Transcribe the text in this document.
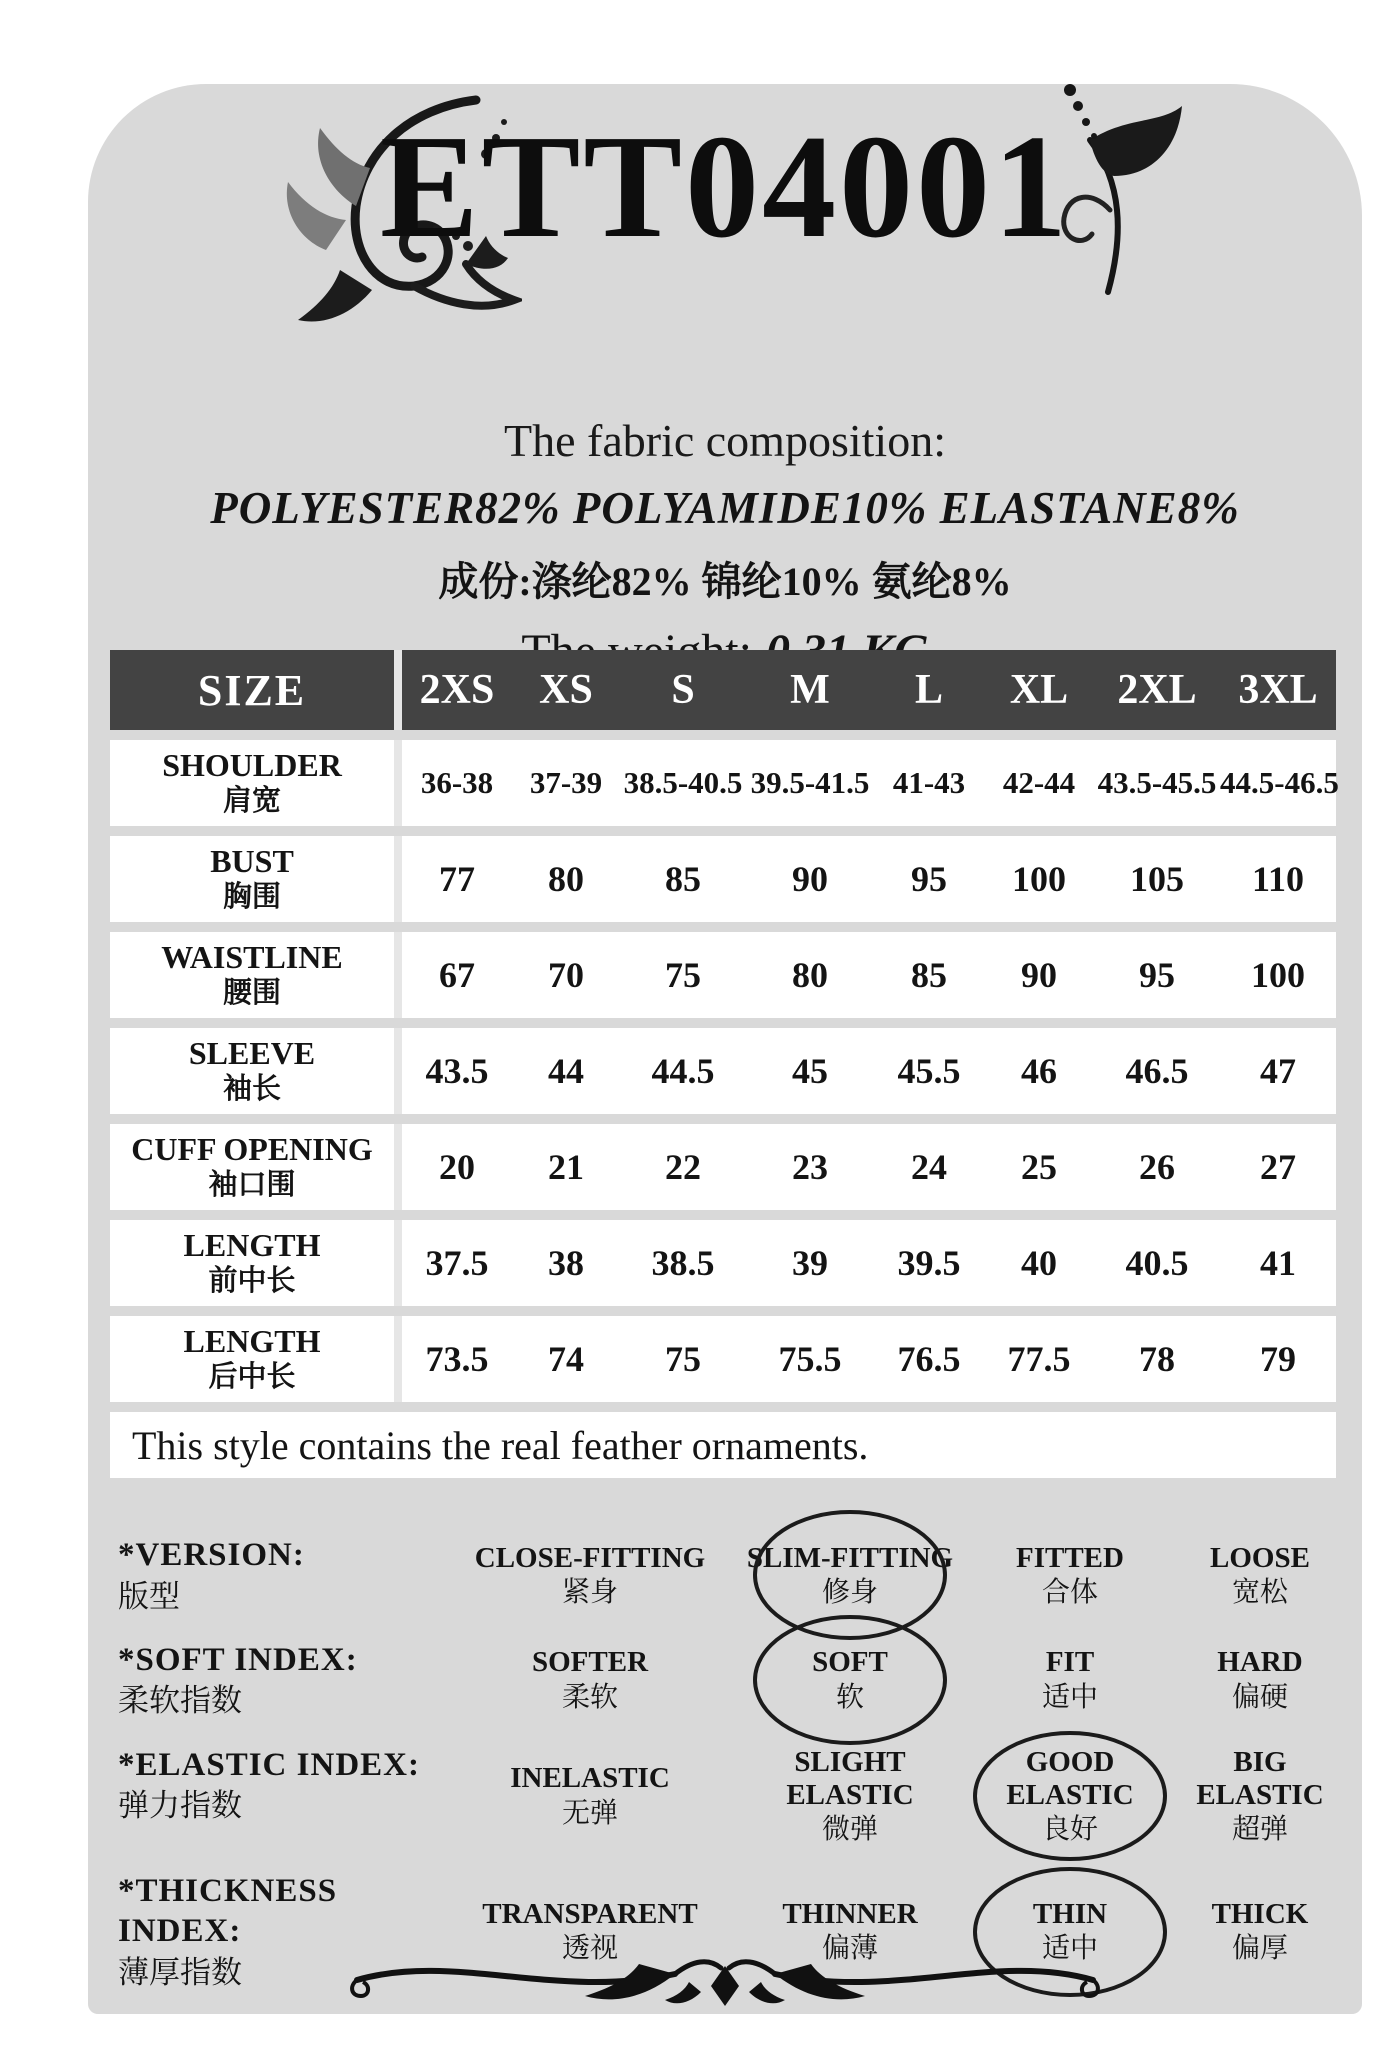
ETT04001
The fabric composition:
POLYESTER82% POLYAMIDE10% ELASTANE8%
成份:涤纶82% 锦纶10% 氨纶8%
SIZE	2XS	XS	S	M	L	XL	2XL	3XL

SHOULDER
肩宽	36-38	37-39	38.5-40.5	39.5-41.5	41-43	42-44	43.5-45.5	44.5-46.5

BUST
胸围	77	80	85	90	95	100	105	110

WAISTLINE
腰围	67	70	75	80	85	90	95	100

SLEEVE
袖长	43.5	44	44.5	45	45.5	46	46.5	47

CUFF OPENING
袖口围	20	21	22	23	24	25	26	27

LENGTH
前中长	37.5	38	38.5	39	39.5	40	40.5	41

LENGTH
后中长	73.5	74	75	75.5	76.5	77.5	78	79
This style contains the real feather ornaments.								
*VERSION:
版型
CLOSE-FITTING
紧身
SLIM-FITTING
修身
FITTED
合体
LOOSE
宽松
*SOFT INDEX:
柔软指数
SOFTER
柔软
SOFT
软
FIT
适中
HARD
偏硬
*ELASTIC INDEX:
弹力指数
INELASTIC
无弹
SLIGHT ELASTIC
微弹
GOOD ELASTIC
良好
BIG ELASTIC
超弹
*THICKNESS INDEX:
薄厚指数
TRANSPARENT
透视
THINNER
偏薄
THIN
适中
THICK
偏厚
